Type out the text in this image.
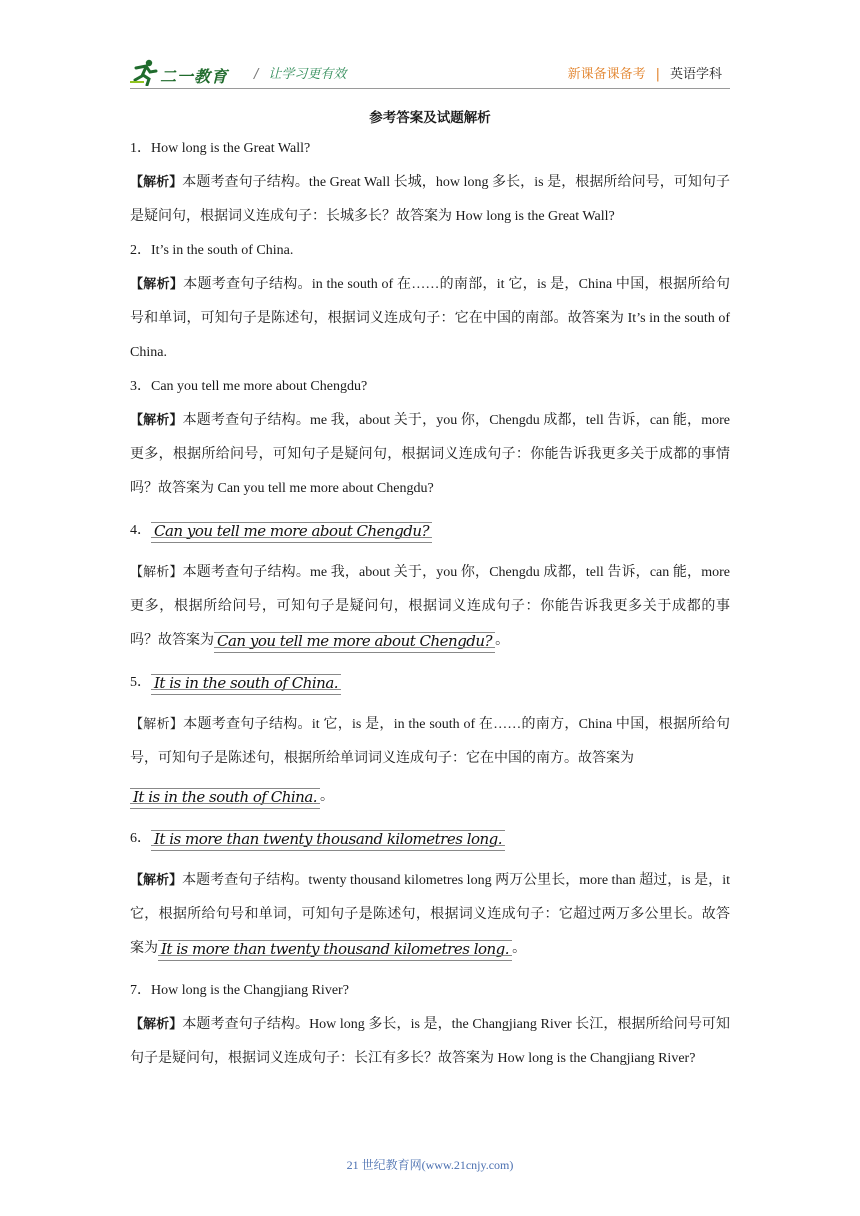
二一教育 / 让学习更有效	新课备课备考 | 英语学科
参考答案及试题解析

1．How long is the Great Wall?

【解析】本题考查句子结构。the Great Wall 长城，how long 多长，is 是，根据所给问号，可知句子是疑问句，根据词义连成句子：长城多长？故答案为 How long is the Great Wall?

2．It’s in the south of China.

【解析】本题考查句子结构。in the south of 在……的南部，it 它，is 是，China 中国，根据所给句号和单词，可知句子是陈述句，根据词义连成句子：它在中国的南部。故答案为 It’s in the south of China.

3．Can you tell me more about Chengdu?

【解析】本题考查句子结构。me 我，about 关于，you 你，Chengdu 成都，tell 告诉，can 能，more 更多，根据所给问号，可知句子是疑问句，根据词义连成句子：你能告诉我更多关于成都的事情吗？故答案为 Can you tell me more about Chengdu?

4． Can you tell me more about Chengdu?

【解析】本题考查句子结构。me 我，about 关于，you 你，Chengdu 成都，tell 告诉，can 能，more 更多，根据所给问号，可知句子是疑问句，根据词义连成句子：你能告诉我更多关于成都的事吗？故答案为 Can you tell me more about Chengdu? 。

5． It is in the south of China.

【解析】本题考查句子结构。it 它，is 是，in the south of 在……的南方，China 中国，根据所给句号，可知句子是陈述句，根据所给单词词义连成句子：它在中国的南方。故答案为

It is in the south of China. 。

6． It is more than twenty thousand kilometres long.

【解析】本题考查句子结构。twenty thousand kilometres long 两万公里长，more than 超过，is 是，it 它，根据所给句号和单词，可知句子是陈述句，根据词义连成句子：它超过两万多公里长。故答案为 It is more than twenty thousand kilometres long. 。

7．How long is the Changjiang River?

【解析】本题考查句子结构。How long 多长，is 是，the Changjiang River 长江，根据所给问号可知句子是疑问句，根据词义连成句子：长江有多长？故答案为 How long is the Changjiang River?

21 世纪教育网(www.21cnjy.com)
